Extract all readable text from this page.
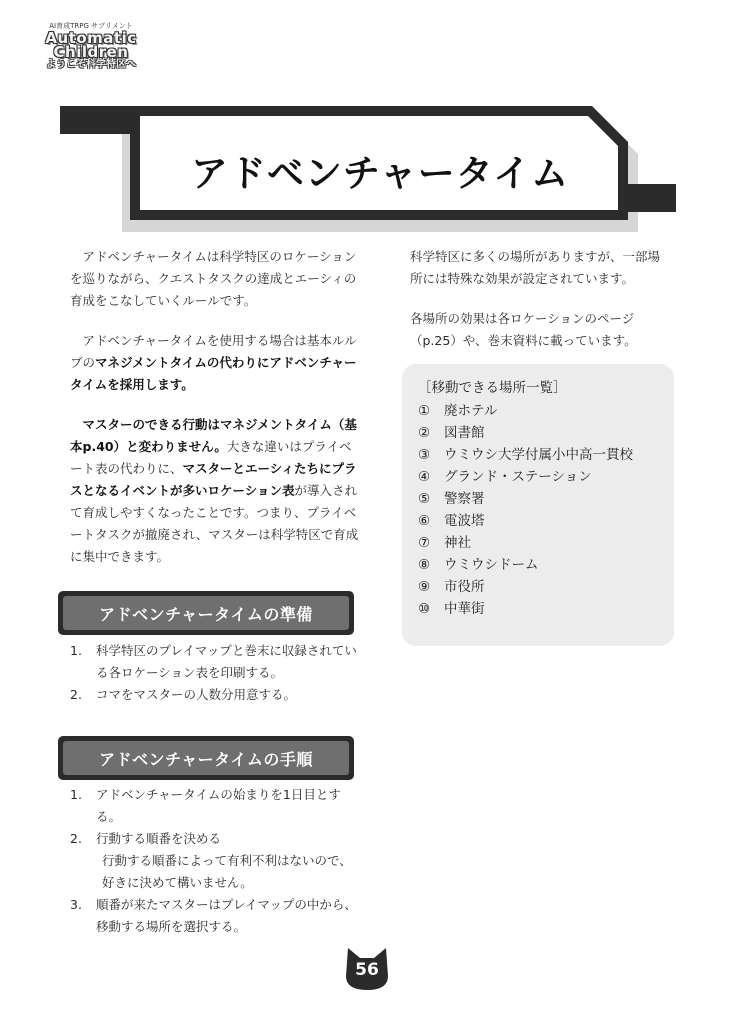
AI育成TRPG サプリメント
Automatic
Children
ようこそ科学特区へ
アドベンチャータイム

アドベンチャータイムは科学特区のロケーションを巡りながら、クエストタスクの達成とエーシィの育成をこなしていくルールです。

アドベンチャータイムを使用する場合は基本ルルブのマネジメントタイムの代わりにアドベンチャータイムを採用します。

マスターのできる行動はマネジメントタイム（基本p.40）と変わりません。大きな違いはプライベート表の代わりに、マスターとエーシィたちにプラスとなるイベントが多いロケーション表が導入されて育成しやすくなったことです。つまり、プライベートタスクが撤廃され、マスターは科学特区で育成に集中できます。

科学特区に多くの場所がありますが、一部場所には特殊な効果が設定されています。

各場所の効果は各ロケーションのページ（p.25）や、巻末資料に載っています。

［移動できる場所一覧］
①	廃ホテル
②	図書館
③	ウミウシ大学付属小中高一貫校
④	グランド・ステーション
⑤	警察署
⑥	電波塔
⑦	神社
⑧	ウミウシドーム
⑨	市役所
⑩	中華街
アドベンチャータイムの準備
1.	科学特区のプレイマップと巻末に収録されている各ロケーション表を印刷する。
2.	コマをマスターの人数分用意する。
アドベンチャータイムの手順
1.	アドベンチャータイムの始まりを1日目とする。
2.	行動する順番を決める
行動する順番によって有利不利はないので、
好きに決めて構いません。
3.	順番が来たマスターはプレイマップの中から、移動する場所を選択する。
56
